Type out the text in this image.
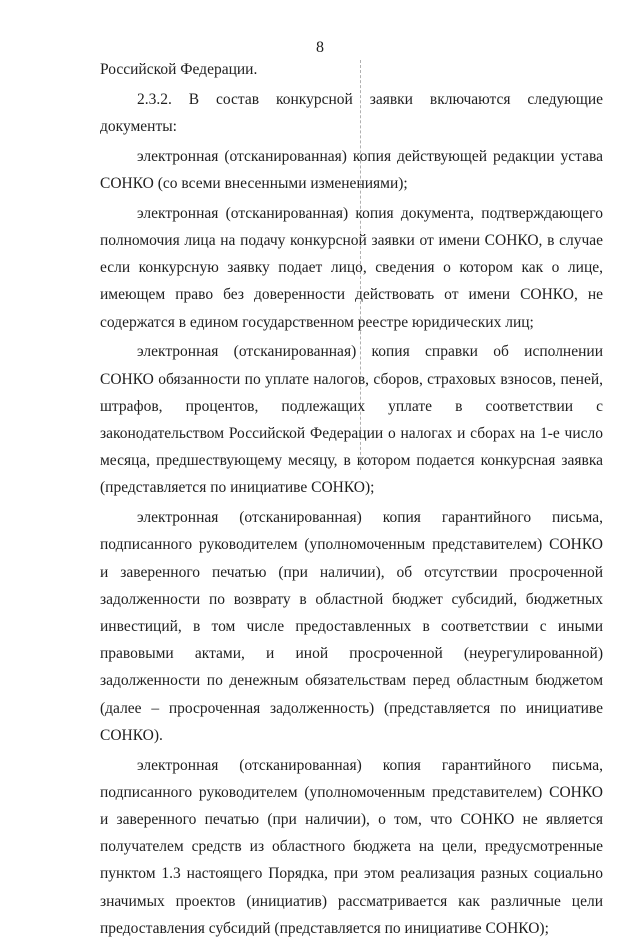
8

Российской Федерации.

2.3.2. В состав конкурсной заявки включаются следующие документы:

электронная (отсканированная) копия действующей редакции устава СОНКО (со всеми внесенными изменениями);

электронная (отсканированная) копия документа, подтверждающего полномочия лица на подачу конкурсной заявки от имени СОНКО, в случае если конкурсную заявку подает лицо, сведения о котором как о лице, имеющем право без доверенности действовать от имени СОНКО, не содержатся в едином государственном реестре юридических лиц;

электронная (отсканированная) копия справки об исполнении СОНКО обязанности по уплате налогов, сборов, страховых взносов, пеней, штрафов, процентов, подлежащих уплате в соответствии с законодательством Российской Федерации о налогах и сборах на 1-е число месяца, предшествующему месяцу, в котором подается конкурсная заявка (представляется по инициативе СОНКО);

электронная (отсканированная) копия гарантийного письма, подписанного руководителем (уполномоченным представителем) СОНКО и заверенного печатью (при наличии), об отсутствии просроченной задолженности по возврату в областной бюджет субсидий, бюджетных инвестиций, в том числе предоставленных в соответствии с иными правовыми актами, и иной просроченной (неурегулированной) задолженности по денежным обязательствам перед областным бюджетом (далее – просроченная задолженность) (представляется по инициативе СОНКО).

электронная (отсканированная) копия гарантийного письма, подписанного руководителем (уполномоченным представителем) СОНКО и заверенного печатью (при наличии), о том, что СОНКО не является получателем средств из областного бюджета на цели, предусмотренные пунктом 1.3 настоящего Порядка, при этом реализация разных социально значимых проектов (инициатив) рассматривается как различные цели предоставления субсидий (представляется по инициативе СОНКО);
